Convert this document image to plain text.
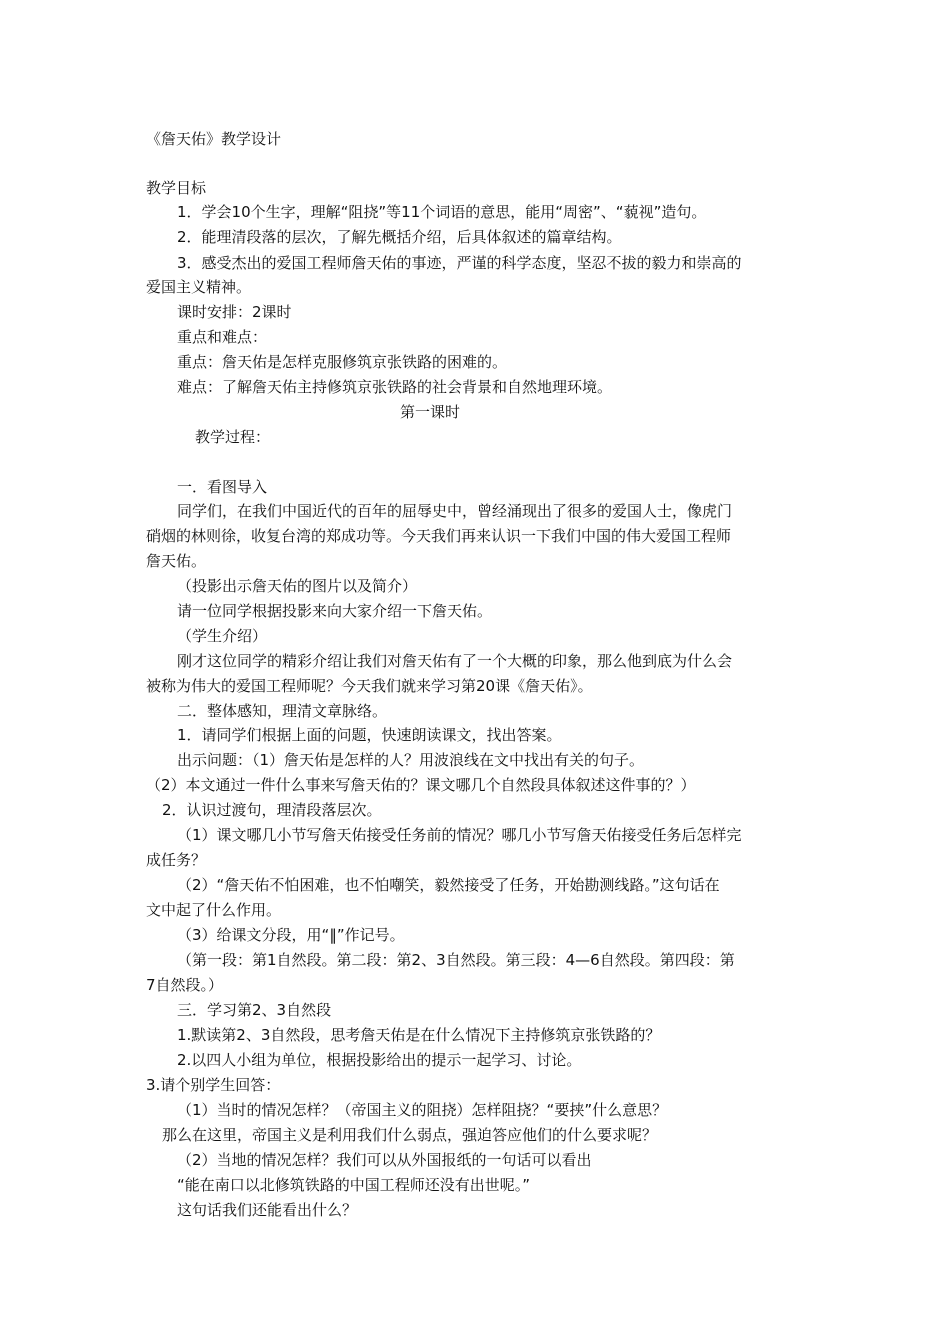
《詹天佑》教学设计
教学目标
1．学会10个生字，理解“阻挠”等11个词语的意思，能用“周密”、“藐视”造句。
2．能理清段落的层次，了解先概括介绍，后具体叙述的篇章结构。
3．感受杰出的爱国工程师詹天佑的事迹，严谨的科学态度，坚忍不拔的毅力和崇高的
爱国主义精神。
课时安排：2课时
重点和难点：
重点：詹天佑是怎样克服修筑京张铁路的困难的。
难点：了解詹天佑主持修筑京张铁路的社会背景和自然地理环境。
第一课时
教学过程：
一．看图导入
同学们，在我们中国近代的百年的屈辱史中，曾经涌现出了很多的爱国人士，像虎门
硝烟的林则徐，收复台湾的郑成功等。今天我们再来认识一下我们中国的伟大爱国工程师
詹天佑。
（投影出示詹天佑的图片以及简介）
请一位同学根据投影来向大家介绍一下詹天佑。
（学生介绍）
刚才这位同学的精彩介绍让我们对詹天佑有了一个大概的印象，那么他到底为什么会
被称为伟大的爱国工程师呢？今天我们就来学习第20课《詹天佑》。
二．整体感知，理清文章脉络。
1．请同学们根据上面的问题，快速朗读课文，找出答案。
出示问题：（1）詹天佑是怎样的人？用波浪线在文中找出有关的句子。
（2）本文通过一件什么事来写詹天佑的？课文哪几个自然段具体叙述这件事的？）
2．认识过渡句，理清段落层次。
（1）课文哪几小节写詹天佑接受任务前的情况？哪几小节写詹天佑接受任务后怎样完
成任务？
（2）“詹天佑不怕困难，也不怕嘲笑，毅然接受了任务，开始勘测线路。”这句话在
文中起了什么作用。
（3）给课文分段，用“‖”作记号。
（第一段：第1自然段。第二段：第2、3自然段。第三段：4—6自然段。第四段：第
7自然段。）
三．学习第2、3自然段
1.默读第2、3自然段，思考詹天佑是在什么情况下主持修筑京张铁路的？
2.以四人小组为单位，根据投影给出的提示一起学习、讨论。
3.请个别学生回答：
（1）当时的情况怎样？（帝国主义的阻挠）怎样阻挠？“要挟”什么意思？
那么在这里，帝国主义是利用我们什么弱点，强迫答应他们的什么要求呢？
（2）当地的情况怎样？我们可以从外国报纸的一句话可以看出
“能在南口以北修筑铁路的中国工程师还没有出世呢。”
这句话我们还能看出什么？
